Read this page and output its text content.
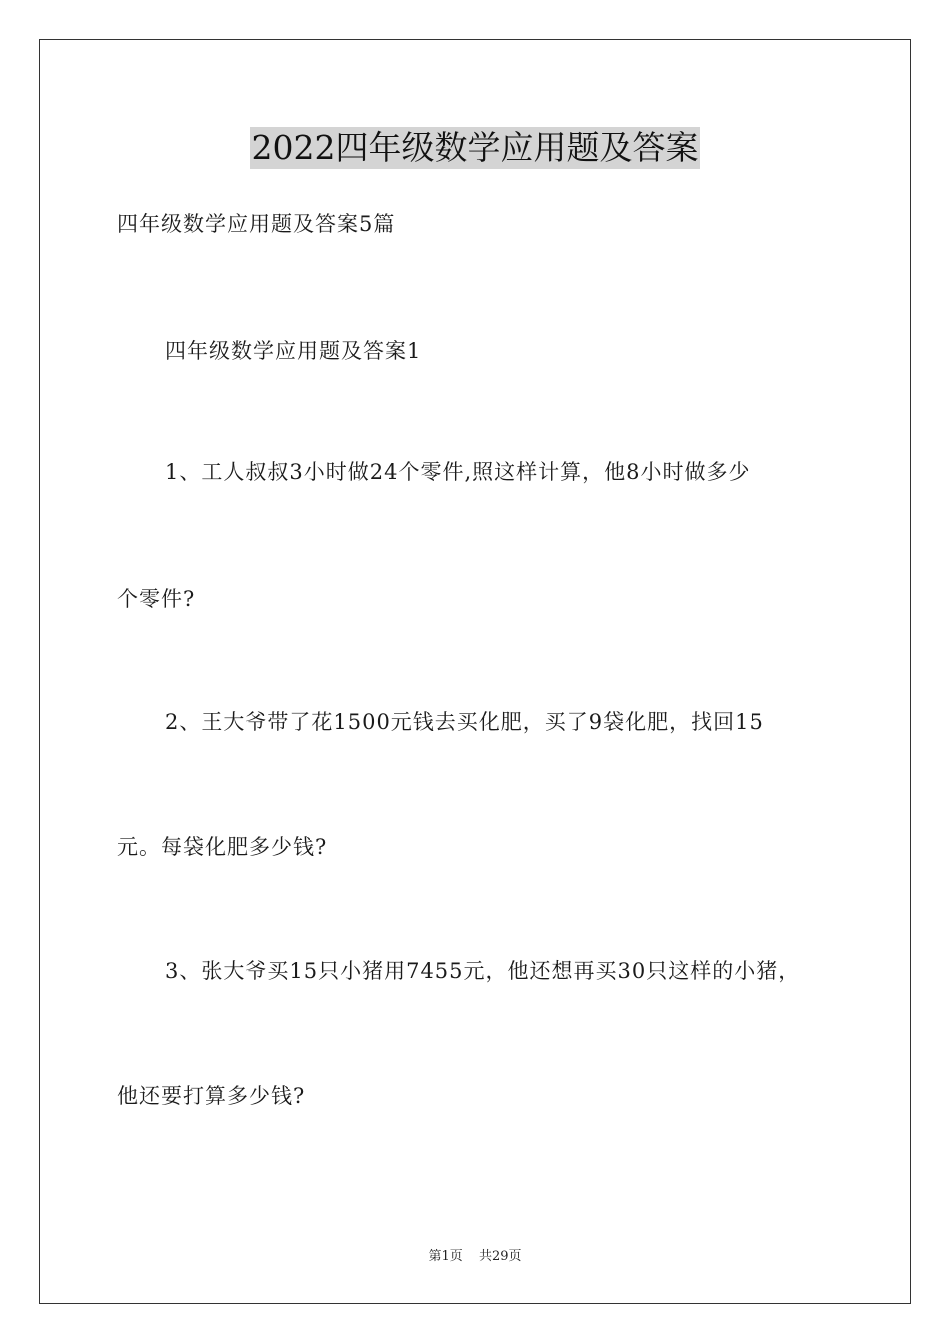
2022四年级数学应用题及答案
四年级数学应用题及答案5篇
四年级数学应用题及答案1
1、工人叔叔3小时做24个零件,照这样计算，他8小时做多少
个零件?
2、王大爷带了花1500元钱去买化肥，买了9袋化肥，找回15
元。每袋化肥多少钱?
3、张大爷买15只小猪用7455元，他还想再买30只这样的小猪，
他还要打算多少钱?
第1页 共29页
